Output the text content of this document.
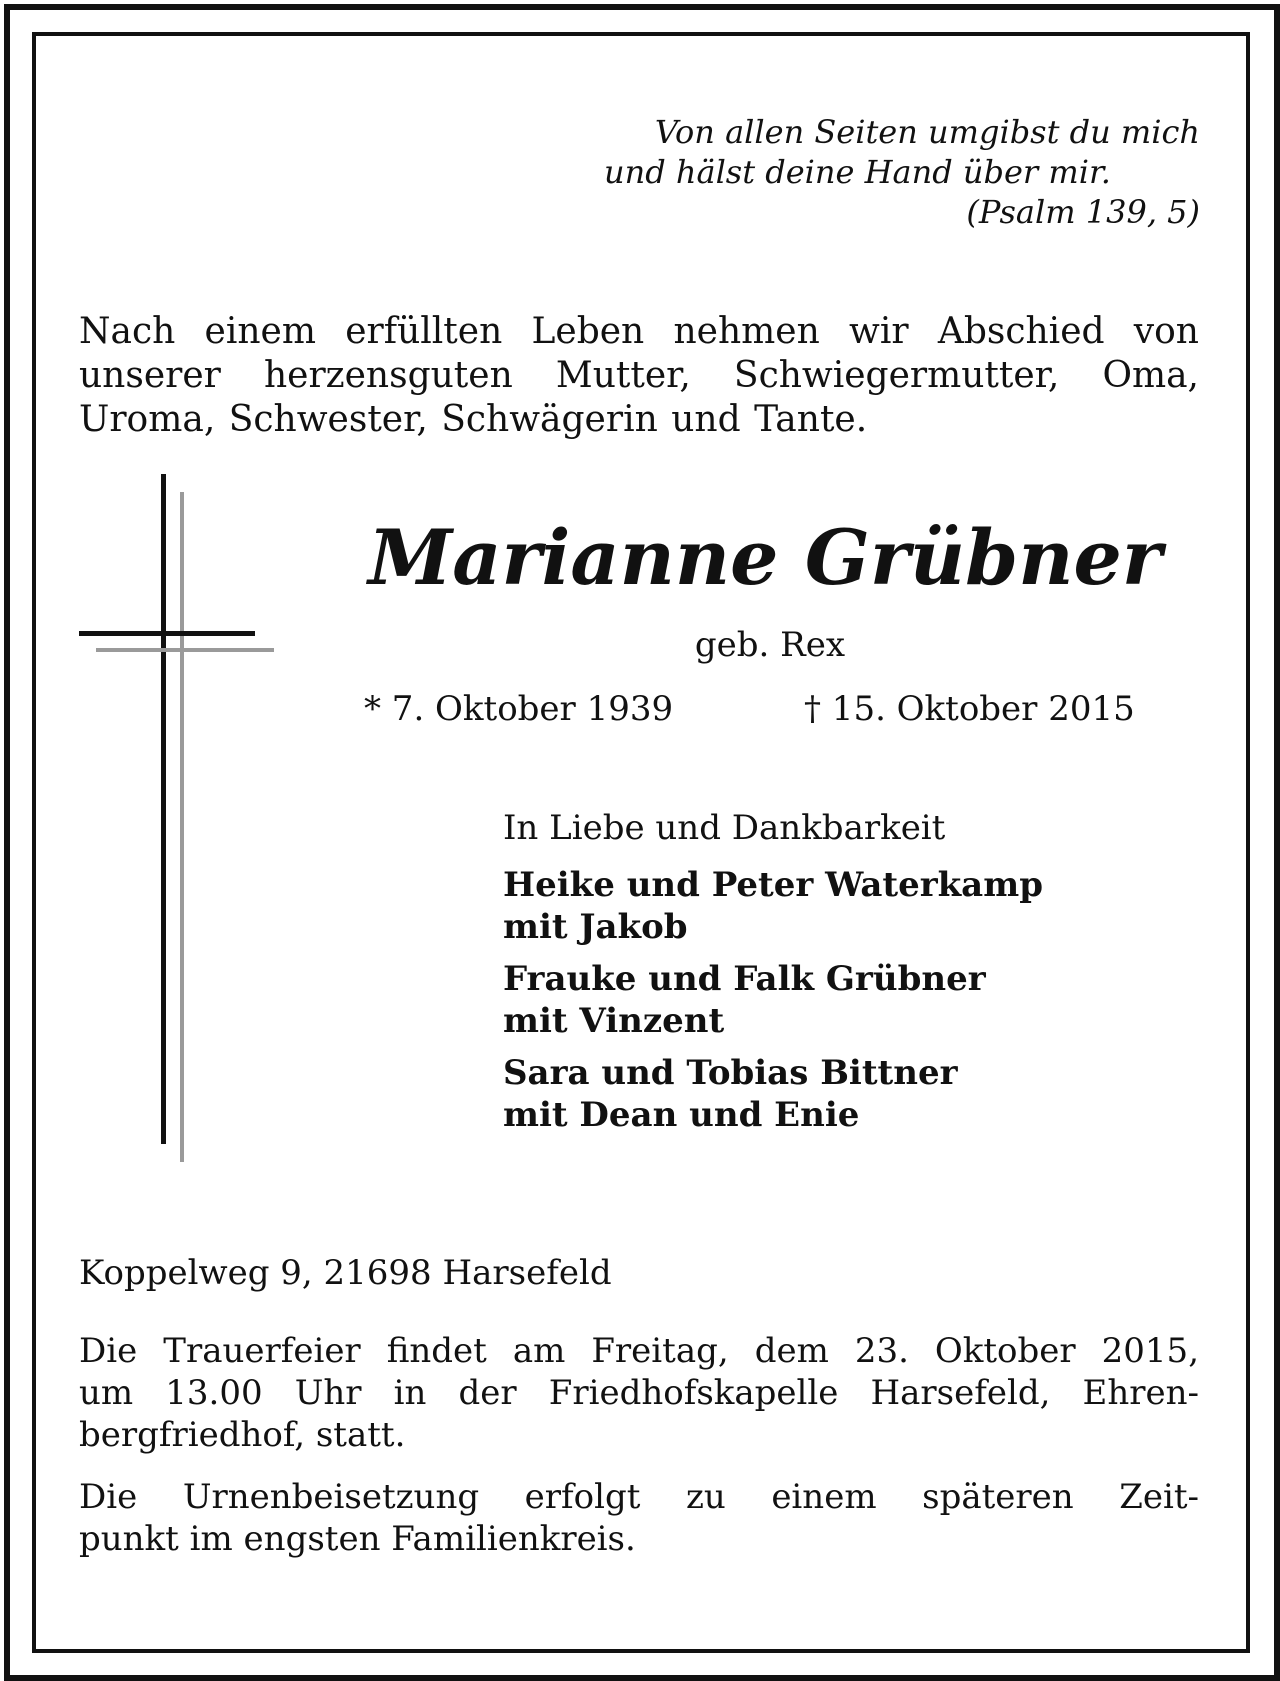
Von allen Seiten umgibst du mich
und hälst deine Hand über mir.
(Psalm 139, 5)
Nach einem erfüllten Leben nehmen wir Abschied von
unserer herzensguten Mutter, Schwiegermutter, Oma,
Uroma, Schwester, Schwägerin und Tante.
Marianne Grübner
geb. Rex
* 7. Oktober 1939	† 15. Oktober 2015
In Liebe und Dankbarkeit
Heike und Peter Waterkamp
mit Jakob
Frauke und Falk Grübner
mit Vinzent
Sara und Tobias Bittner
mit Dean und Enie
Koppelweg 9, 21698 Harsefeld
Die Trauerfeier findet am Freitag, dem 23. Oktober 2015,
um 13.00 Uhr in der Friedhofskapelle Harsefeld, Ehren-
bergfriedhof, statt.
Die Urnenbeisetzung erfolgt zu einem späteren Zeit-
punkt im engsten Familienkreis.
